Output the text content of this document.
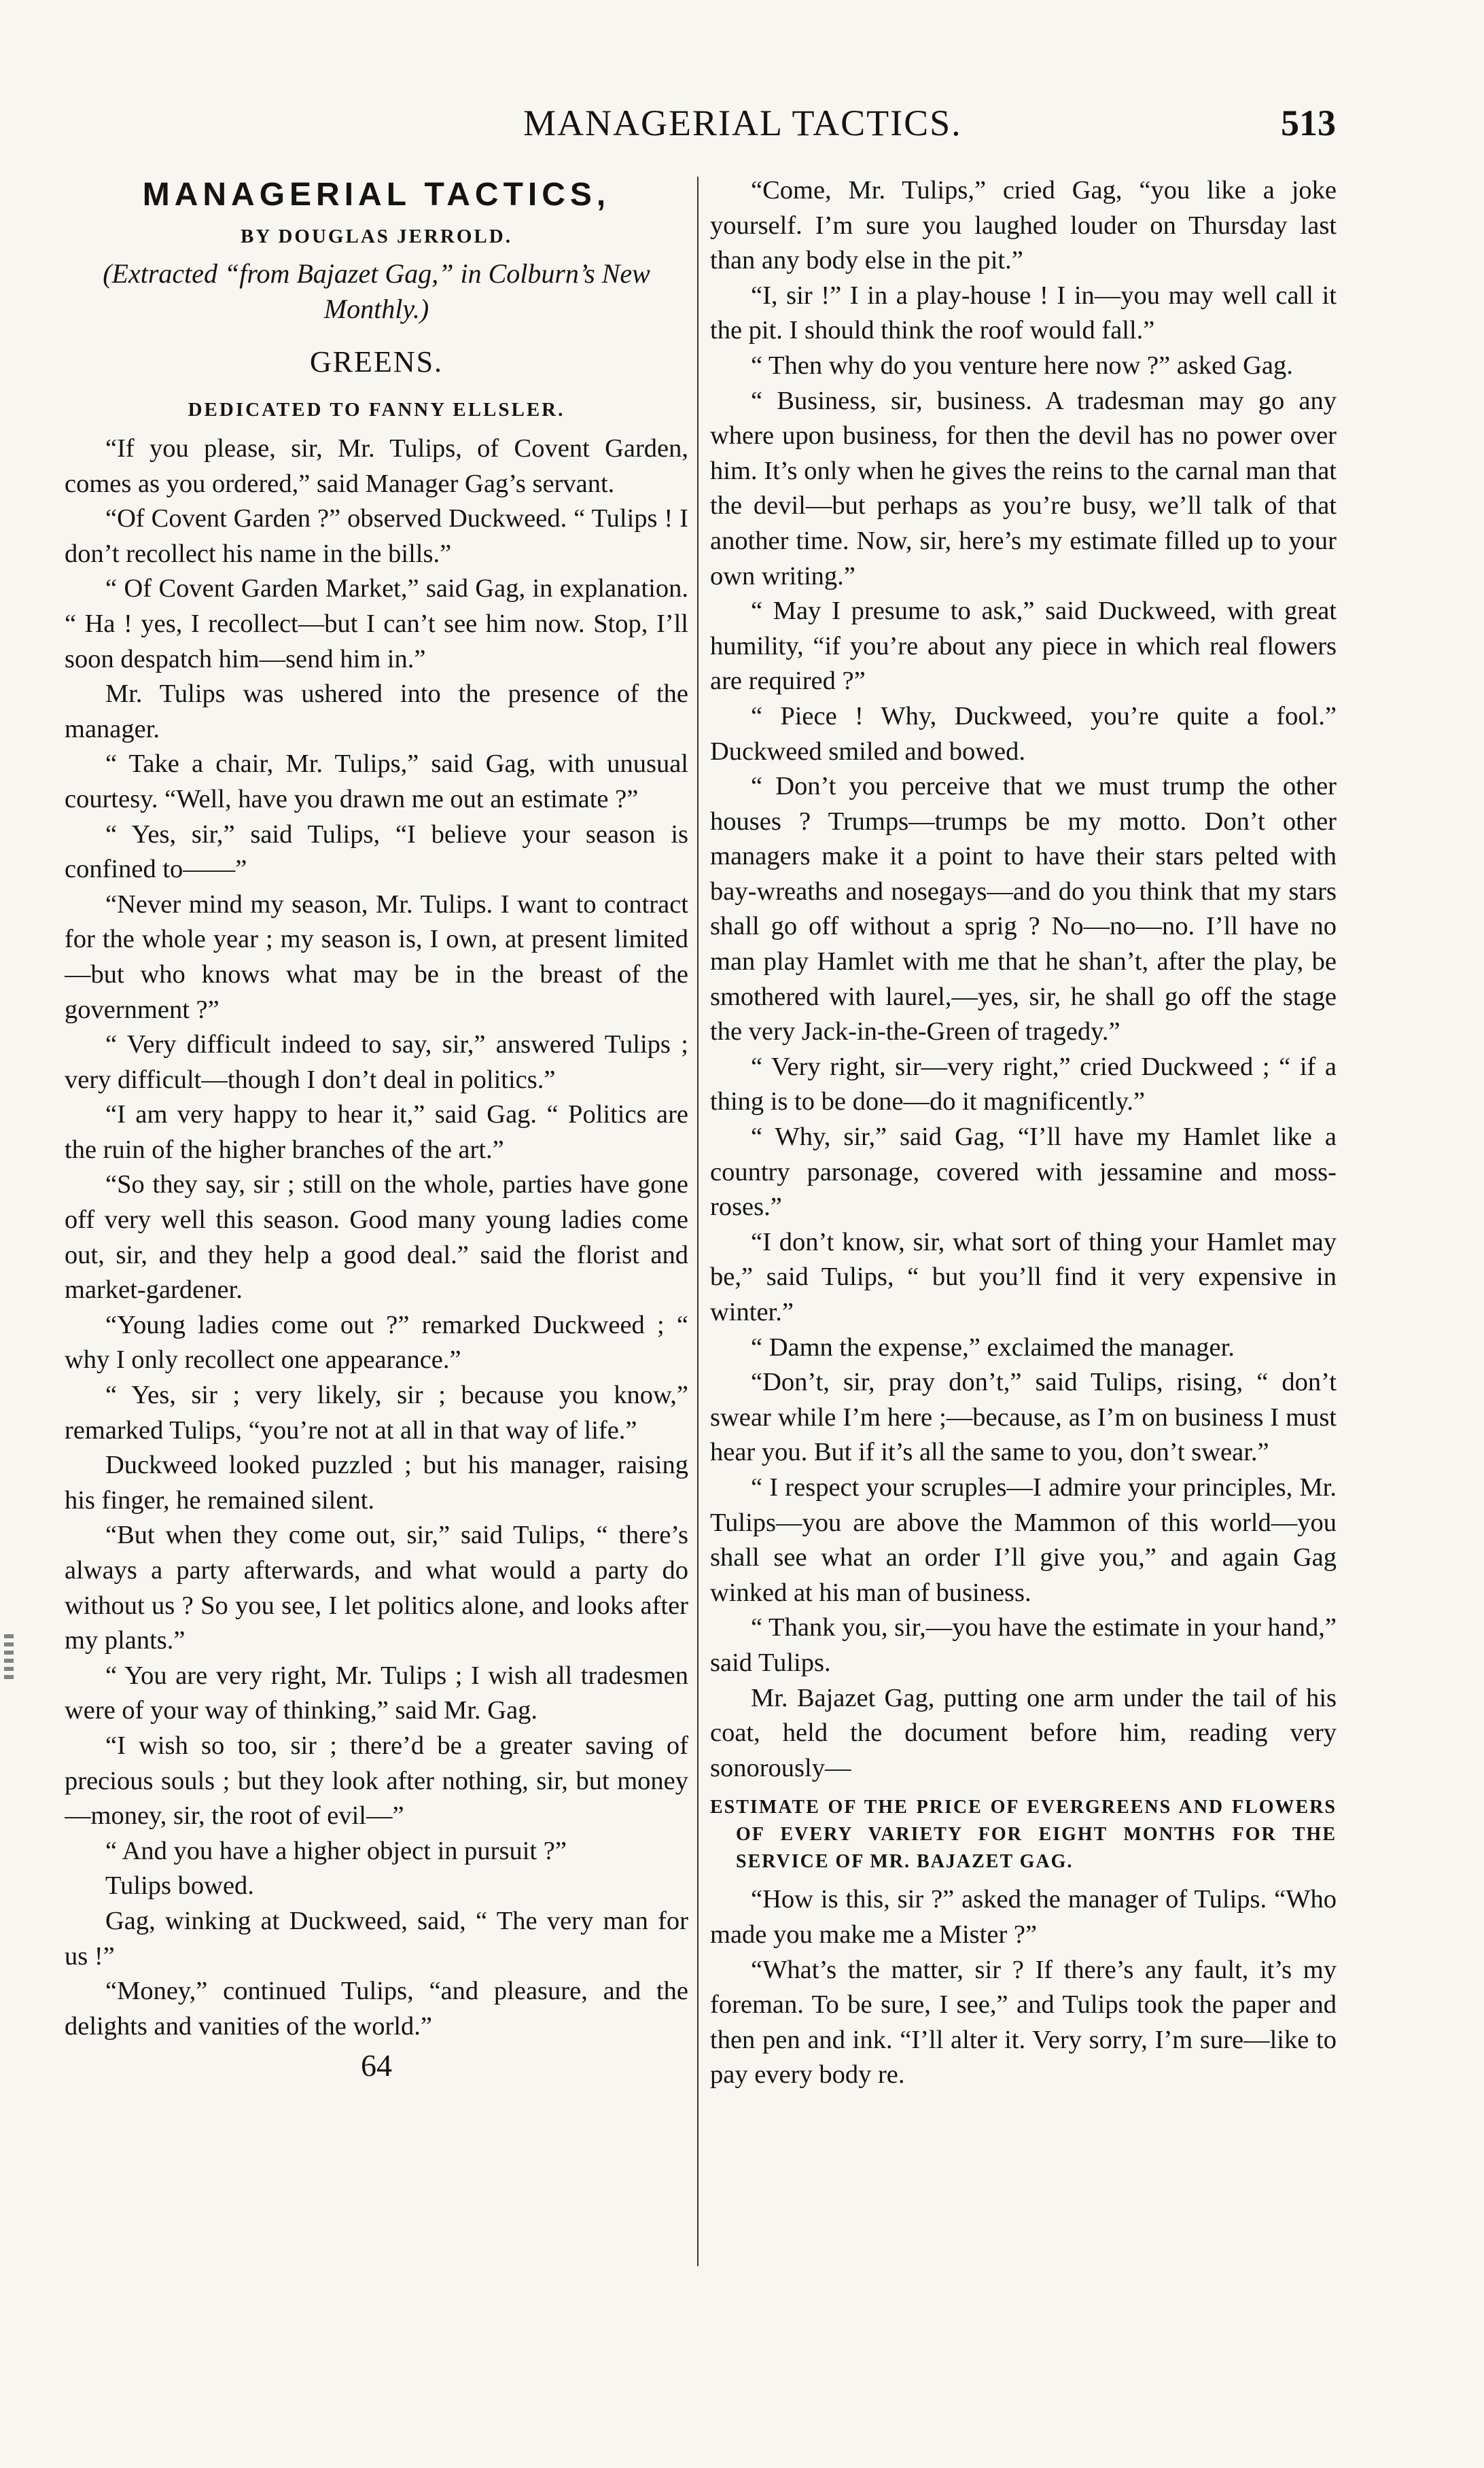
MANAGERIAL TACTICS.	513
MANAGERIAL TACTICS,
BY DOUGLAS JERROLD.
(Extracted “from Bajazet Gag,” in Colburn’s New Monthly.)
GREENS.
DEDICATED TO FANNY ELLSLER.

“If you please, sir, Mr. Tulips, of Covent Garden, comes as you ordered,” said Manager Gag’s servant.

“Of Covent Garden ?” observed Duckweed. “ Tulips ! I don’t recollect his name in the bills.”

“ Of Covent Garden Market,” said Gag, in explanation. “ Ha ! yes, I recollect—but I can’t see him now. Stop, I’ll soon despatch him—send him in.”

Mr. Tulips was ushered into the presence of the manager.

“ Take a chair, Mr. Tulips,” said Gag, with unusual courtesy. “Well, have you drawn me out an estimate ?”

“ Yes, sir,” said Tulips, “I believe your season is confined to——”

“Never mind my season, Mr. Tulips. I want to contract for the whole year ; my season is, I own, at present limited—but who knows what may be in the breast of the government ?”

“ Very difficult indeed to say, sir,” answered Tulips ; very difficult—though I don’t deal in politics.”

“I am very happy to hear it,” said Gag. “ Politics are the ruin of the higher branches of the art.”

“So they say, sir ; still on the whole, parties have gone off very well this season. Good many young ladies come out, sir, and they help a good deal.” said the florist and market-gardener.

“Young ladies come out ?” remarked Duckweed ; “ why I only recollect one appearance.”

“ Yes, sir ; very likely, sir ; because you know,” remarked Tulips, “you’re not at all in that way of life.”

Duckweed looked puzzled ; but his manager, raising his finger, he remained silent.

“But when they come out, sir,” said Tulips, “ there’s always a party afterwards, and what would a party do without us ? So you see, I let politics alone, and looks after my plants.”

“ You are very right, Mr. Tulips ; I wish all tradesmen were of your way of thinking,” said Mr. Gag.

“I wish so too, sir ; there’d be a greater saving of precious souls ; but they look after nothing, sir, but money—money, sir, the root of evil—”

“ And you have a higher object in pursuit ?”

Tulips bowed.

Gag, winking at Duckweed, said, “ The very man for us !”

“Money,” continued Tulips, “and pleasure, and the delights and vanities of the world.”

64

“Come, Mr. Tulips,” cried Gag, “you like a joke yourself. I’m sure you laughed louder on Thursday last than any body else in the pit.”

“I, sir !” I in a play-house ! I in—you may well call it the pit. I should think the roof would fall.”

“ Then why do you venture here now ?” asked Gag.

“ Business, sir, business. A tradesman may go any where upon business, for then the devil has no power over him. It’s only when he gives the reins to the carnal man that the devil—but perhaps as you’re busy, we’ll talk of that another time. Now, sir, here’s my estimate filled up to your own writing.”

“ May I presume to ask,” said Duckweed, with great humility, “if you’re about any piece in which real flowers are required ?”

“ Piece ! Why, Duckweed, you’re quite a fool.” Duckweed smiled and bowed.

“ Don’t you perceive that we must trump the other houses ? Trumps—trumps be my motto. Don’t other managers make it a point to have their stars pelted with bay-wreaths and nosegays—and do you think that my stars shall go off without a sprig ? No—no—no. I’ll have no man play Hamlet with me that he shan’t, after the play, be smothered with laurel,—yes, sir, he shall go off the stage the very Jack-in-the-Green of tragedy.”

“ Very right, sir—very right,” cried Duckweed ; “ if a thing is to be done—do it magnificently.”

“ Why, sir,” said Gag, “I’ll have my Hamlet like a country parsonage, covered with jessamine and moss-roses.”

“I don’t know, sir, what sort of thing your Hamlet may be,” said Tulips, “ but you’ll find it very expensive in winter.”

“ Damn the expense,” exclaimed the manager.

“Don’t, sir, pray don’t,” said Tulips, rising, “ don’t swear while I’m here ;—because, as I’m on business I must hear you. But if it’s all the same to you, don’t swear.”

“ I respect your scruples—I admire your principles, Mr. Tulips—you are above the Mammon of this world—you shall see what an order I’ll give you,” and again Gag winked at his man of business.

“ Thank you, sir,—you have the estimate in your hand,” said Tulips.

Mr. Bajazet Gag, putting one arm under the tail of his coat, held the document before him, reading very sonorously—

ESTIMATE OF THE PRICE OF EVERGREENS AND FLOWERS OF EVERY VARIETY FOR EIGHT MONTHS FOR THE SERVICE OF MR. BAJAZET GAG.

“How is this, sir ?” asked the manager of Tulips. “Who made you make me a Mister ?”

“What’s the matter, sir ? If there’s any fault, it’s my foreman. To be sure, I see,” and Tulips took the paper and then pen and ink. “I’ll alter it. Very sorry, I’m sure—like to pay every body re.
